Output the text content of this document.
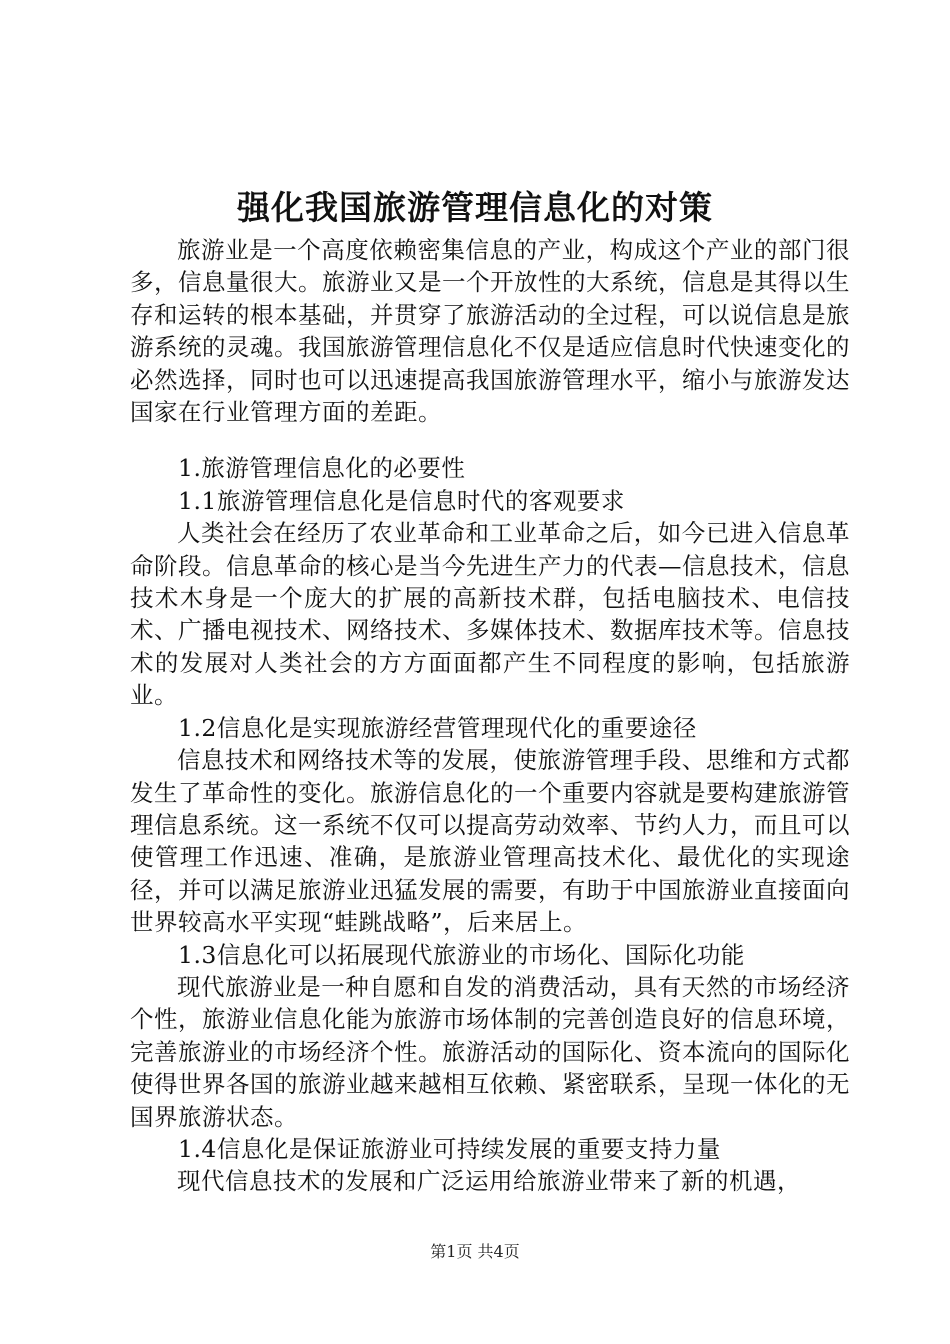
强化我国旅游管理信息化的对策

旅游业是一个高度依赖密集信息的产业，构成这个产业的部门很多，信息量很大。旅游业又是一个开放性的大系统，信息是其得以生存和运转的根本基础，并贯穿了旅游活动的全过程，可以说信息是旅游系统的灵魂。我国旅游管理信息化不仅是适应信息时代快速变化的必然选择，同时也可以迅速提高我国旅游管理水平，缩小与旅游发达国家在行业管理方面的差距。

1.旅游管理信息化的必要性

1.1旅游管理信息化是信息时代的客观要求

人类社会在经历了农业革命和工业革命之后，如今已进入信息革命阶段。信息革命的核心是当今先进生产力的代表—信息技术，信息技术木身是一个庞大的扩展的高新技术群，包括电脑技术、电信技术、广播电视技术、网络技术、多媒体技术、数据库技术等。信息技术的发展对人类社会的方方面面都产生不同程度的影响，包括旅游业。

1.2信息化是实现旅游经营管理现代化的重要途径

信息技术和网络技术等的发展，使旅游管理手段、思维和方式都发生了革命性的变化。旅游信息化的一个重要内容就是要构建旅游管理信息系统。这一系统不仅可以提高劳动效率、节约人力，而且可以使管理工作迅速、准确，是旅游业管理高技术化、最优化的实现途径，并可以满足旅游业迅猛发展的需要，有助于中国旅游业直接面向世界较高水平实现“蛙跳战略”，后来居上。

1.3信息化可以拓展现代旅游业的市场化、国际化功能

现代旅游业是一种自愿和自发的消费活动，具有天然的市场经济个性，旅游业信息化能为旅游市场体制的完善创造良好的信息环境，完善旅游业的市场经济个性。旅游活动的国际化、资本流向的国际化使得世界各国的旅游业越来越相互依赖、紧密联系，呈现一体化的无国界旅游状态。

1.4信息化是保证旅游业可持续发展的重要支持力量

现代信息技术的发展和广泛运用给旅游业带来了新的机遇，

第1页 共4页
